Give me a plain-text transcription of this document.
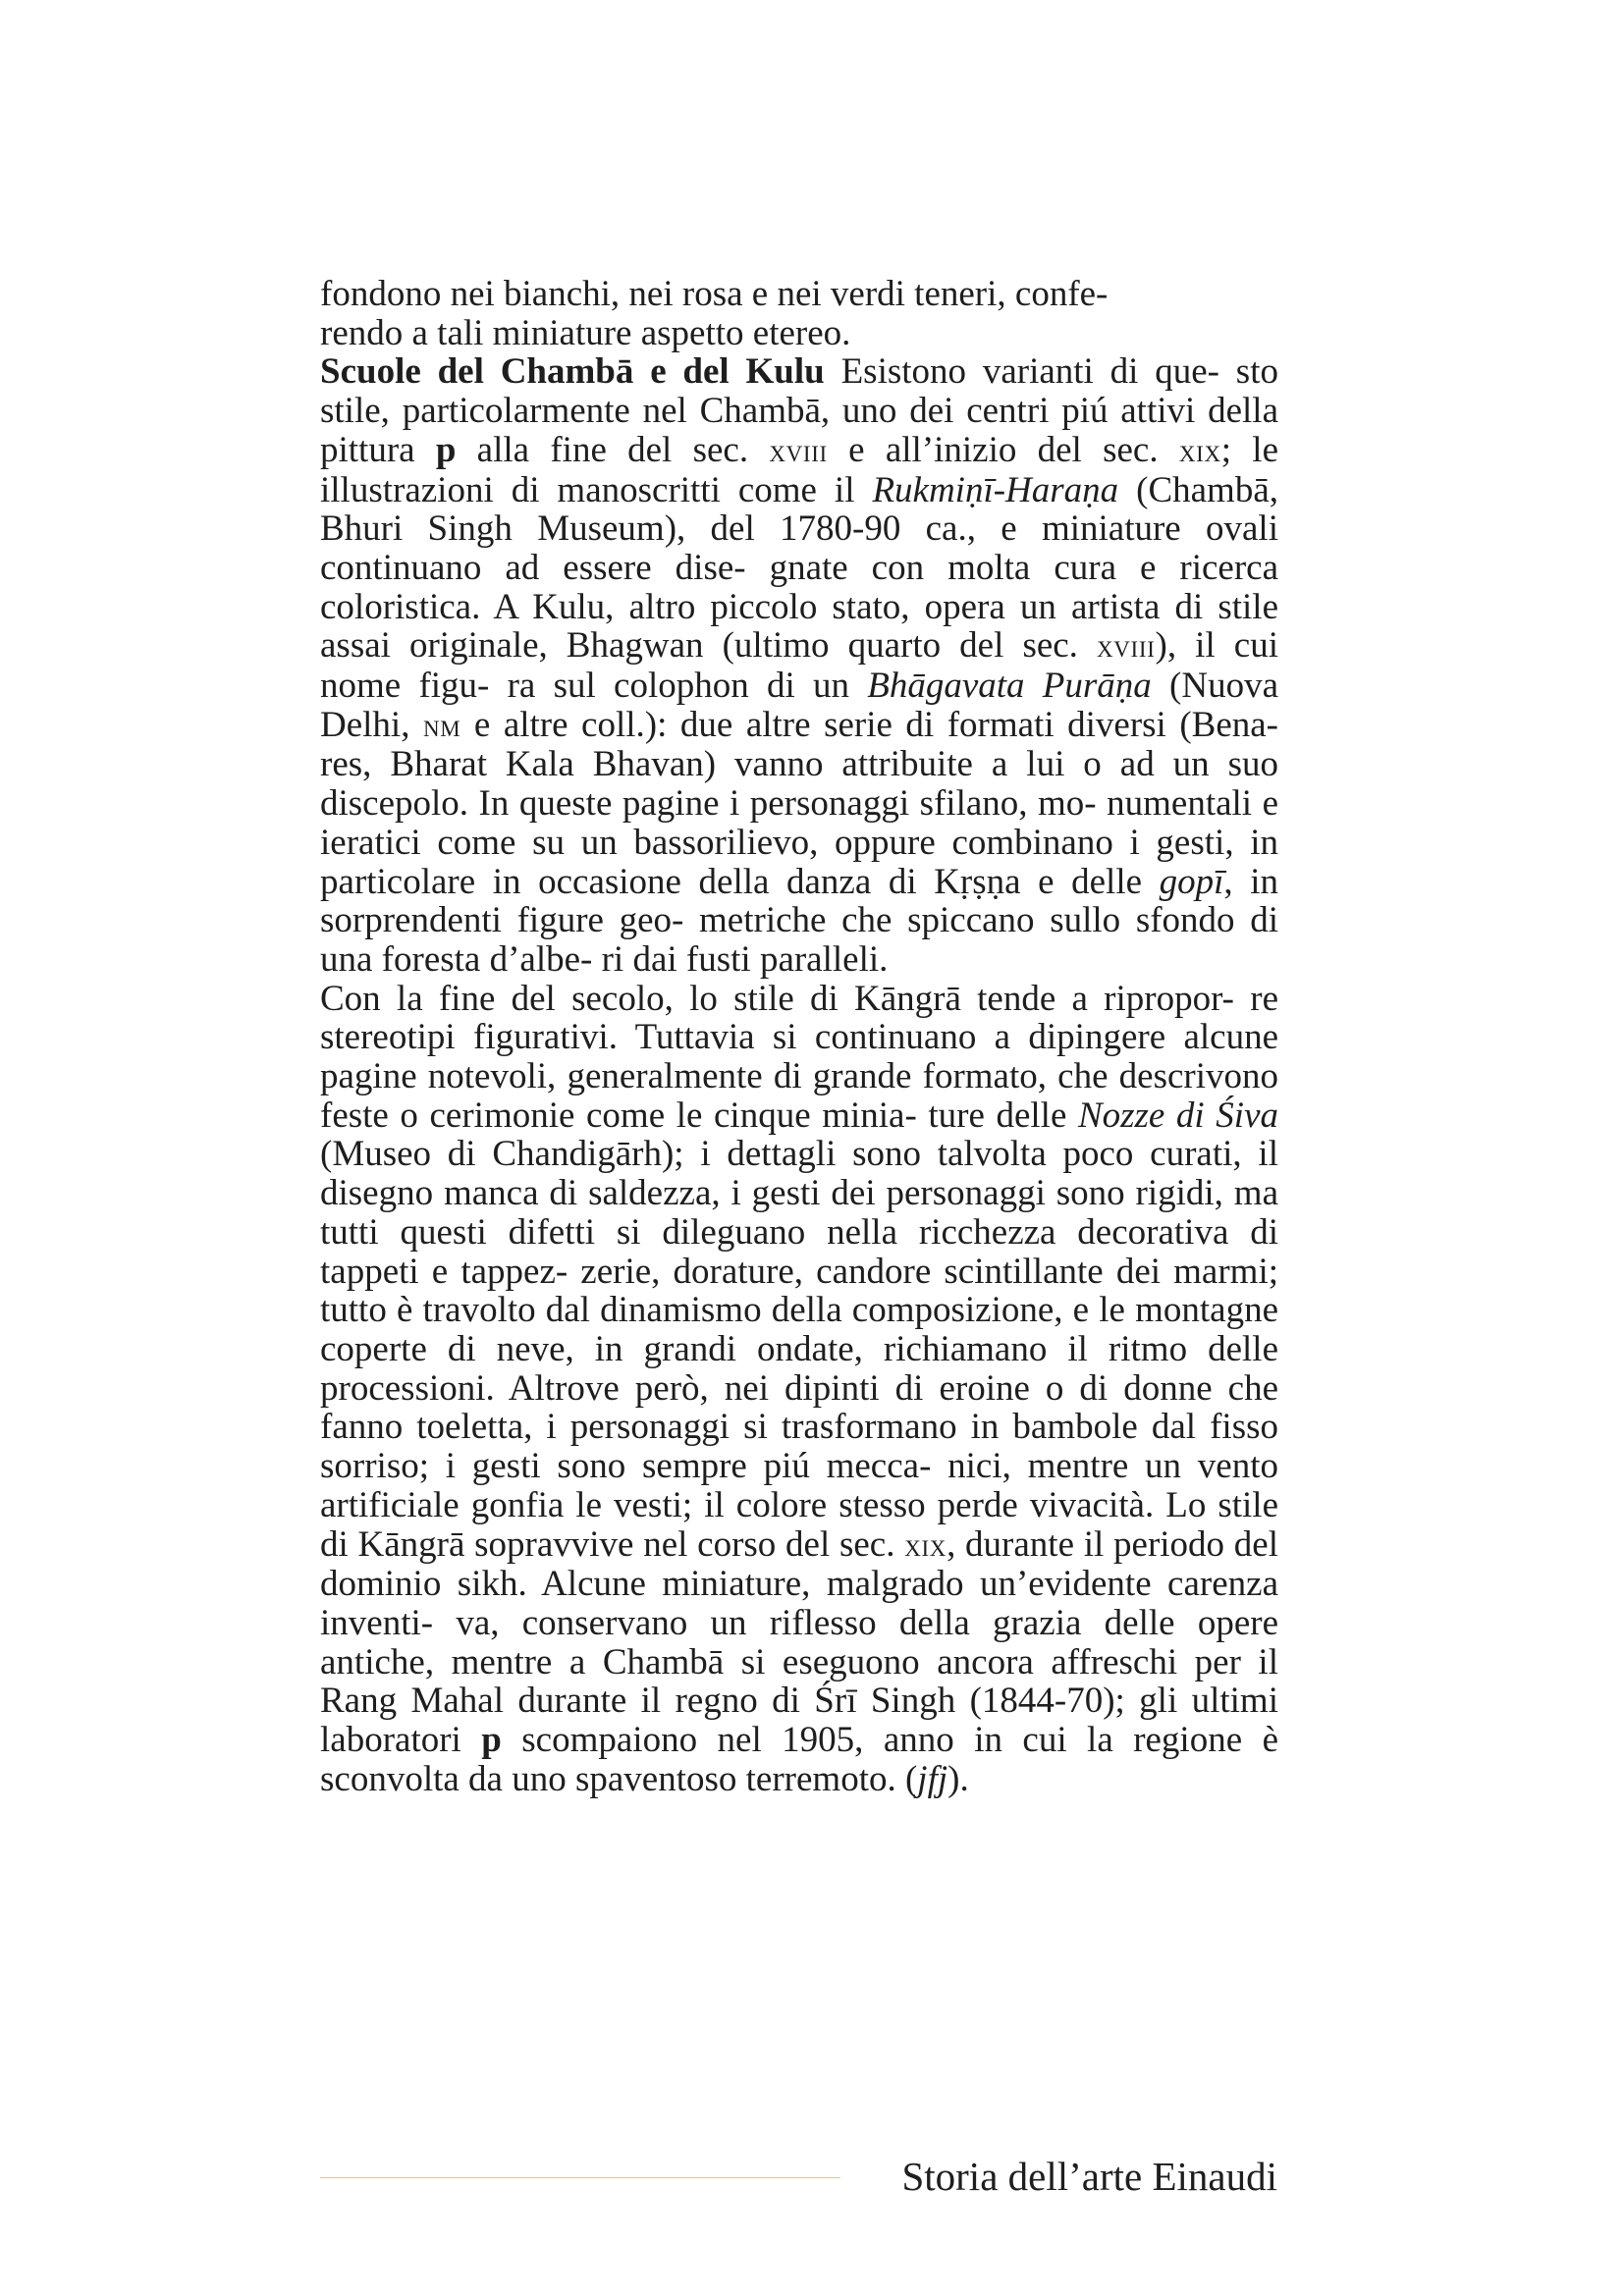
fondono nei bianchi, nei rosa e nei verdi teneri, confe-
rendo a tali miniature aspetto etereo.

Scuole del Chambā e del Kulu Esistono varianti di que- sto stile, particolarmente nel Chambā, uno dei centri piú attivi della pittura p alla fine del sec. xviii e all’inizio del sec. xix; le illustrazioni di manoscritti come il Rukmiṇī-Haraṇa (Chambā, Bhuri Singh Museum), del 1780-90 ca., e miniature ovali continuano ad essere dise- gnate con molta cura e ricerca coloristica. A Kulu, altro piccolo stato, opera un artista di stile assai originale, Bhagwan (ultimo quarto del sec. xviii), il cui nome figu- ra sul colophon di un Bhāgavata Purāṇa (Nuova Delhi, nm e altre coll.): due altre serie di formati diversi (Bena- res, Bharat Kala Bhavan) vanno attribuite a lui o ad un suo discepolo. In queste pagine i personaggi sfilano, mo- numentali e ieratici come su un bassorilievo, oppure combinano i gesti, in particolare in occasione della danza di Kṛṣṇa e delle gopī, in sorprendenti figure geo- metriche che spiccano sullo sfondo di una foresta d’albe- ri dai fusti paralleli.

Con la fine del secolo, lo stile di Kāngrā tende a ripropor- re stereotipi figurativi. Tuttavia si continuano a dipingere alcune pagine notevoli, generalmente di grande formato, che descrivono feste o cerimonie come le cinque minia- ture delle Nozze di Śiva (Museo di Chandigārh); i dettagli sono talvolta poco curati, il disegno manca di saldezza, i gesti dei personaggi sono rigidi, ma tutti questi difetti si dileguano nella ricchezza decorativa di tappeti e tappez- zerie, dorature, candore scintillante dei marmi; tutto è travolto dal dinamismo della composizione, e le montagne coperte di neve, in grandi ondate, richiamano il ritmo delle processioni. Altrove però, nei dipinti di eroine o di donne che fanno toeletta, i personaggi si trasformano in bambole dal fisso sorriso; i gesti sono sempre piú mecca- nici, mentre un vento artificiale gonfia le vesti; il colore stesso perde vivacità. Lo stile di Kāngrā sopravvive nel corso del sec. xix, durante il periodo del dominio sikh. Alcune miniature, malgrado un’evidente carenza inventi- va, conservano un riflesso della grazia delle opere antiche, mentre a Chambā si eseguono ancora affreschi per il Rang Mahal durante il regno di Śrī Singh (1844-70); gli ultimi laboratori p scompaiono nel 1905, anno in cui la regione è sconvolta da uno spaventoso terremoto. (jfj).

Storia dell’arte Einaudi
